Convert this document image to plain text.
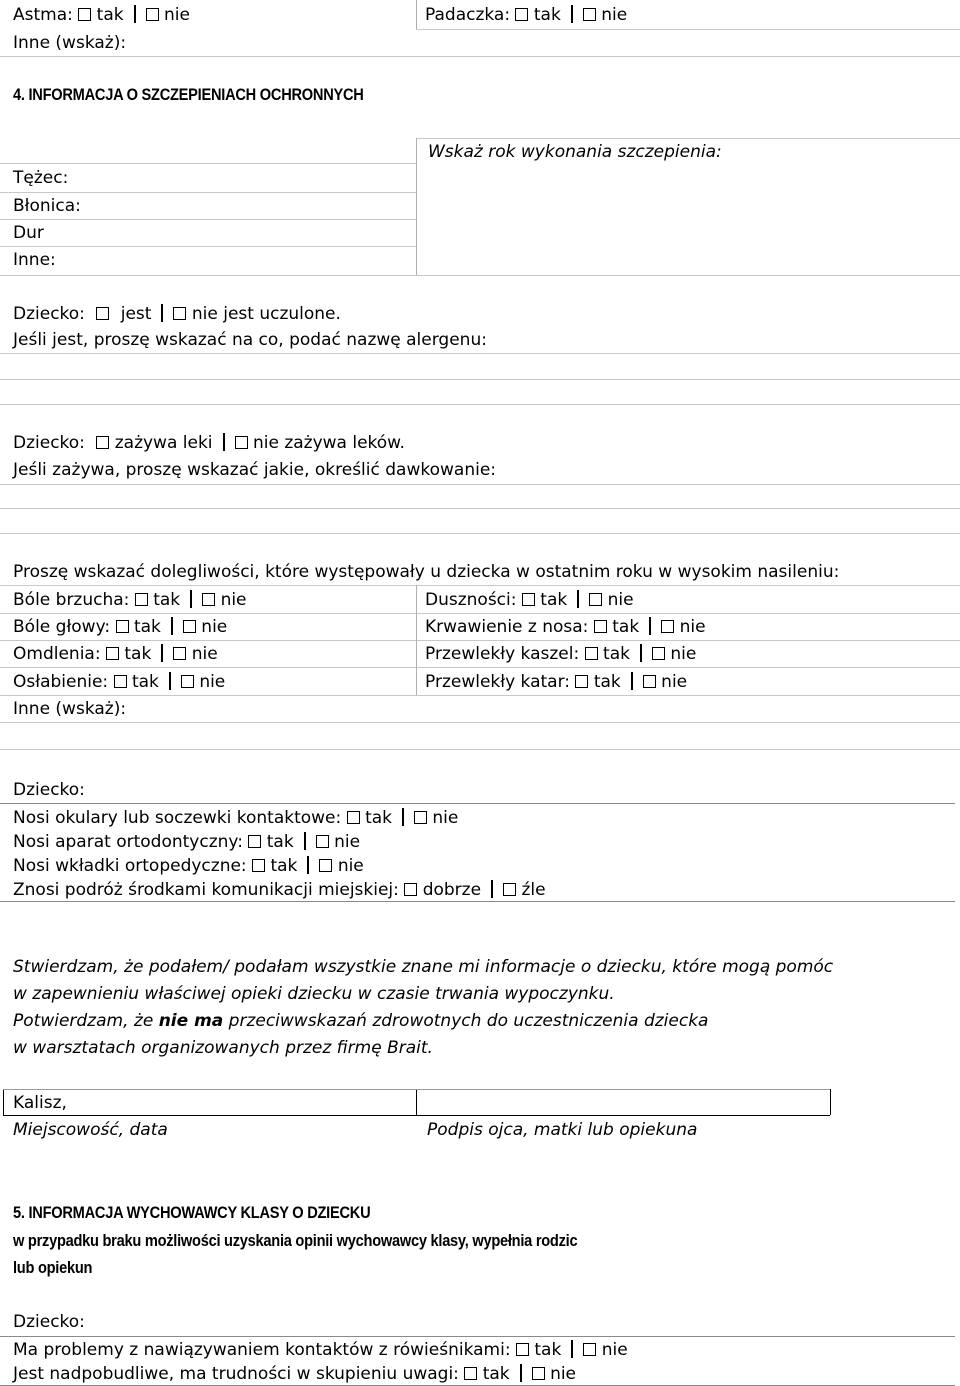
Astma: tak nie	Padaczka: tak nie
Inne (wskaż):
4. INFORMACJA O SZCZEPIENIACH OCHRONNYCH
Wskaż rok wykonania szczepienia:
Tężec:
Błonica:
Dur
Inne:
Dziecko: jest nie jest uczulone.
Jeśli jest, proszę wskazać na co, podać nazwę alergenu:
Dziecko: zażywa leki nie zażywa leków.
Jeśli zażywa, proszę wskazać jakie, określić dawkowanie:
Proszę wskazać dolegliwości, które występowały u dziecka w ostatnim roku w wysokim nasileniu:
Bóle brzucha: tak nie	Duszności: tak nie
Bóle głowy: tak nie	Krwawienie z nosa: tak nie
Omdlenia: tak nie	Przewlekły kaszel: tak nie
Osłabienie: tak nie	Przewlekły katar: tak nie
Inne (wskaż):
Dziecko:
Nosi okulary lub soczewki kontaktowe: tak nie
Nosi aparat ortodontyczny: tak nie
Nosi wkładki ortopedyczne: tak nie
Znosi podróż środkami komunikacji miejskiej: dobrze źle
Stwierdzam, że podałem/ podałam wszystkie znane mi informacje o dziecku, które mogą pomóc
w zapewnieniu właściwej opieki dziecku w czasie trwania wypoczynku.
Potwierdzam, że nie ma przeciwwskazań zdrowotnych do uczestniczenia dziecka
w warsztatach organizowanych przez firmę Brait.
Kalisz,
Miejscowość, data	Podpis ojca, matki lub opiekuna
5. INFORMACJA WYCHOWAWCY KLASY O DZIECKU
w przypadku braku możliwości uzyskania opinii wychowawcy klasy, wypełnia rodzic
lub opiekun
Dziecko:
Ma problemy z nawiązywaniem kontaktów z rówieśnikami: tak nie
Jest nadpobudliwe, ma trudności w skupieniu uwagi: tak nie
